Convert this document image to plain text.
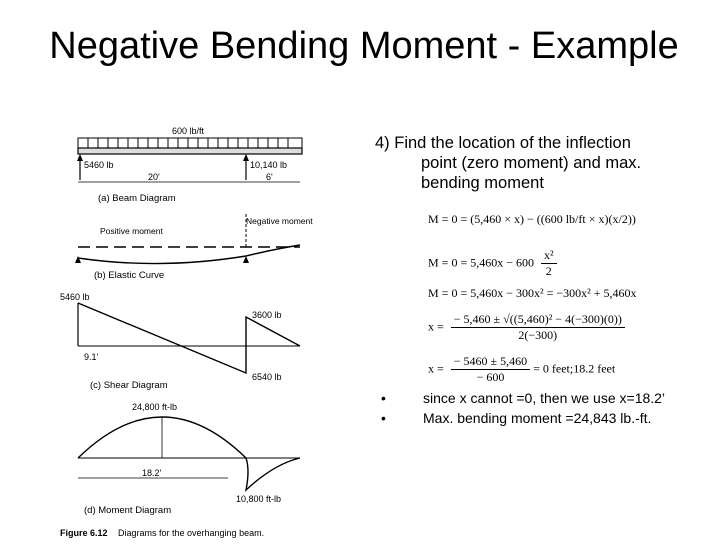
Negative Bending Moment - Example
600 lb/ft
5460 lb	10,140 lb
20'	6'
(a) Beam Diagram
Negative moment
Positive moment
(b) Elastic Curve
5460 lb
3600 lb
9.1'
6540 lb
(c) Shear Diagram
24,800 ft-lb
18.2'
10,800 ft-lb
(d) Moment Diagram
Figure 6.12 Diagrams for the overhanging beam.
4) Find the location of the inflection
point (zero moment) and max.
bending moment
M = 0 = (5,460 × x) − ((600 lb/ft × x)(x/2))
$M = 0 = 5,460x - 600 \frac{\text{x²}}{2}$
M = 0 = 5,460x − 300x² = −300x² + 5,460x
$x = \frac{\text{− 5,460 ± √((5,460)² − 4(−300)(0))}}{2(-300)}$
$x = \frac{- 5460 \pm 5,460}{- 600} = 0$ feet;18.2 feet
•	since x cannot =0, then we use x=18.2’
•	Max. bending moment =24,843 lb.-ft.
